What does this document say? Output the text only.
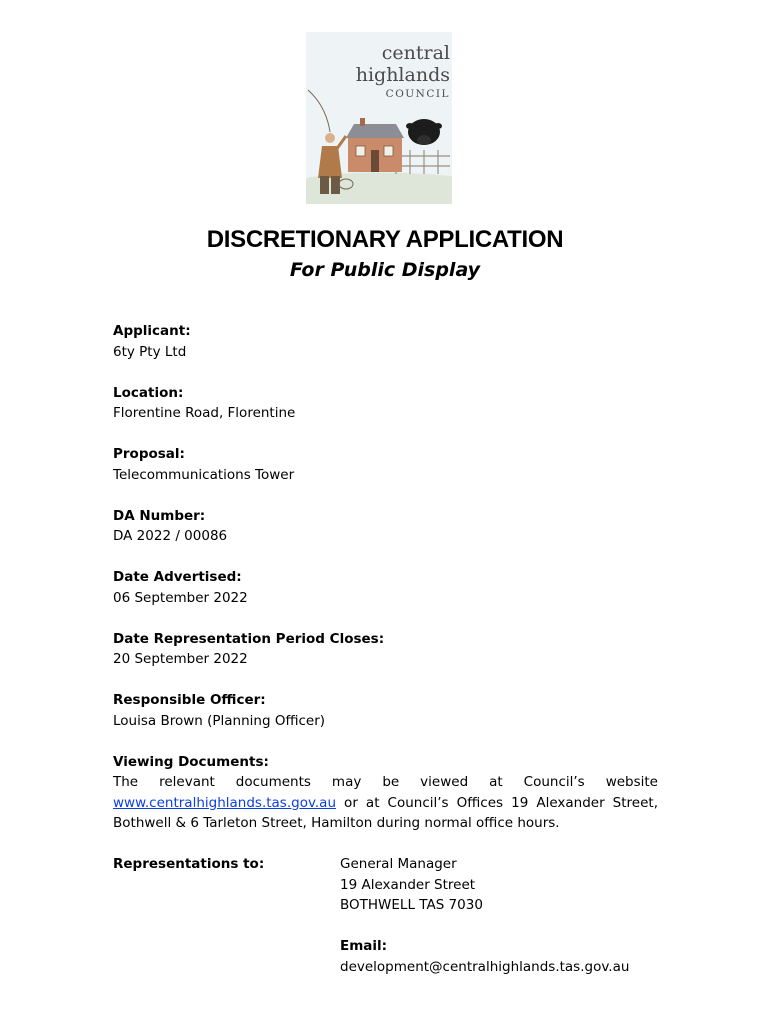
central
highlands
COUNCIL
DISCRETIONARY APPLICATION
For Public Display
Applicant:
6ty Pty Ltd
Location:
Florentine Road, Florentine
Proposal:
Telecommunications Tower
DA Number:
DA 2022 / 00086
Date Advertised:
06 September 2022
Date Representation Period Closes:
20 September 2022
Responsible Officer:
Louisa Brown (Planning Officer)
Viewing Documents:
The relevant documents may be viewed at Council’s website www.centralhighlands.tas.gov.au or at Council’s Offices 19 Alexander Street, Bothwell & 6 Tarleton Street, Hamilton during normal office hours.
Representations to:	General Manager
19 Alexander Street
BOTHWELL TAS 7030
Email:
development@centralhighlands.tas.gov.au
